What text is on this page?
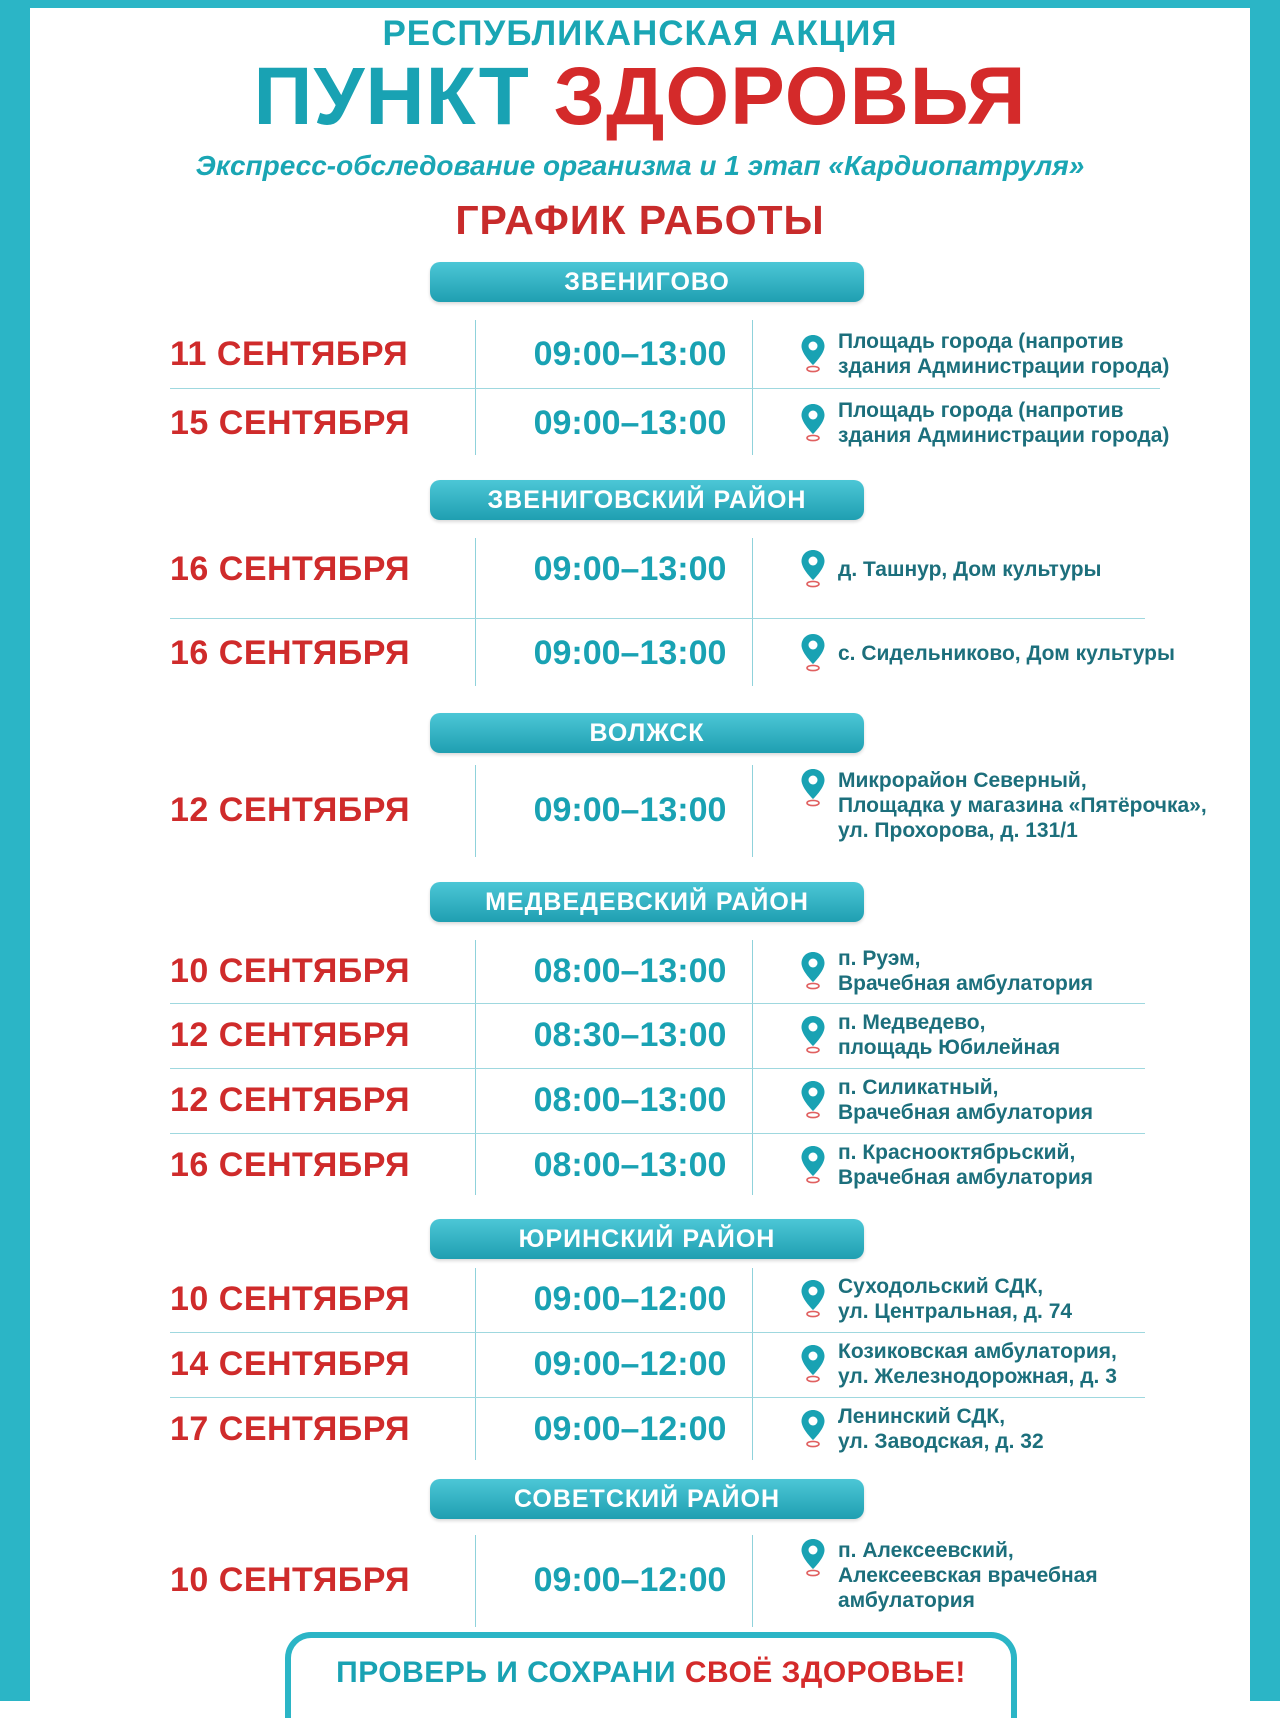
РЕСПУБЛИКАНСКАЯ АКЦИЯ
ПУНКТ ЗДОРОВЬЯ
Экспресс-обследование организма и 1 этап «Кардиопатруля»
ГРАФИК РАБОТЫ
ЗВЕНИГОВО
11 СЕНТЯБРЯ	09:00–13:00	Площадь города (напротив
здания Администрации города)
15 СЕНТЯБРЯ	09:00–13:00	Площадь города (напротив
здания Администрации города)
ЗВЕНИГОВСКИЙ РАЙОН
16 СЕНТЯБРЯ	09:00–13:00	д. Ташнур, Дом культуры
16 СЕНТЯБРЯ	09:00–13:00	с. Сидельниково, Дом культуры
ВОЛЖСК
12 СЕНТЯБРЯ	09:00–13:00
Микрорайон Северный,
Площадка у магазина «Пятёрочка»,
ул. Прохорова, д. 131/1
МЕДВЕДЕВСКИЙ РАЙОН
10 СЕНТЯБРЯ	08:00–13:00	п. Руэм,
Врачебная амбулатория
12 СЕНТЯБРЯ	08:30–13:00	п. Медведево,
площадь Юбилейная
12 СЕНТЯБРЯ	08:00–13:00	п. Силикатный,
Врачебная амбулатория
16 СЕНТЯБРЯ	08:00–13:00	п. Краснооктябрьский,
Врачебная амбулатория
ЮРИНСКИЙ РАЙОН
10 СЕНТЯБРЯ	09:00–12:00	Суходольский СДК,
ул. Центральная, д. 74
14 СЕНТЯБРЯ	09:00–12:00	Козиковская амбулатория,
ул. Железнодорожная, д. 3
17 СЕНТЯБРЯ	09:00–12:00	Ленинский СДК,
ул. Заводская, д. 32
СОВЕТСКИЙ РАЙОН
10 СЕНТЯБРЯ	09:00–12:00
п. Алексеевский,
Алексеевская врачебная
амбулатория
ПРОВЕРЬ И СОХРАНИ СВОЁ ЗДОРОВЬЕ!
